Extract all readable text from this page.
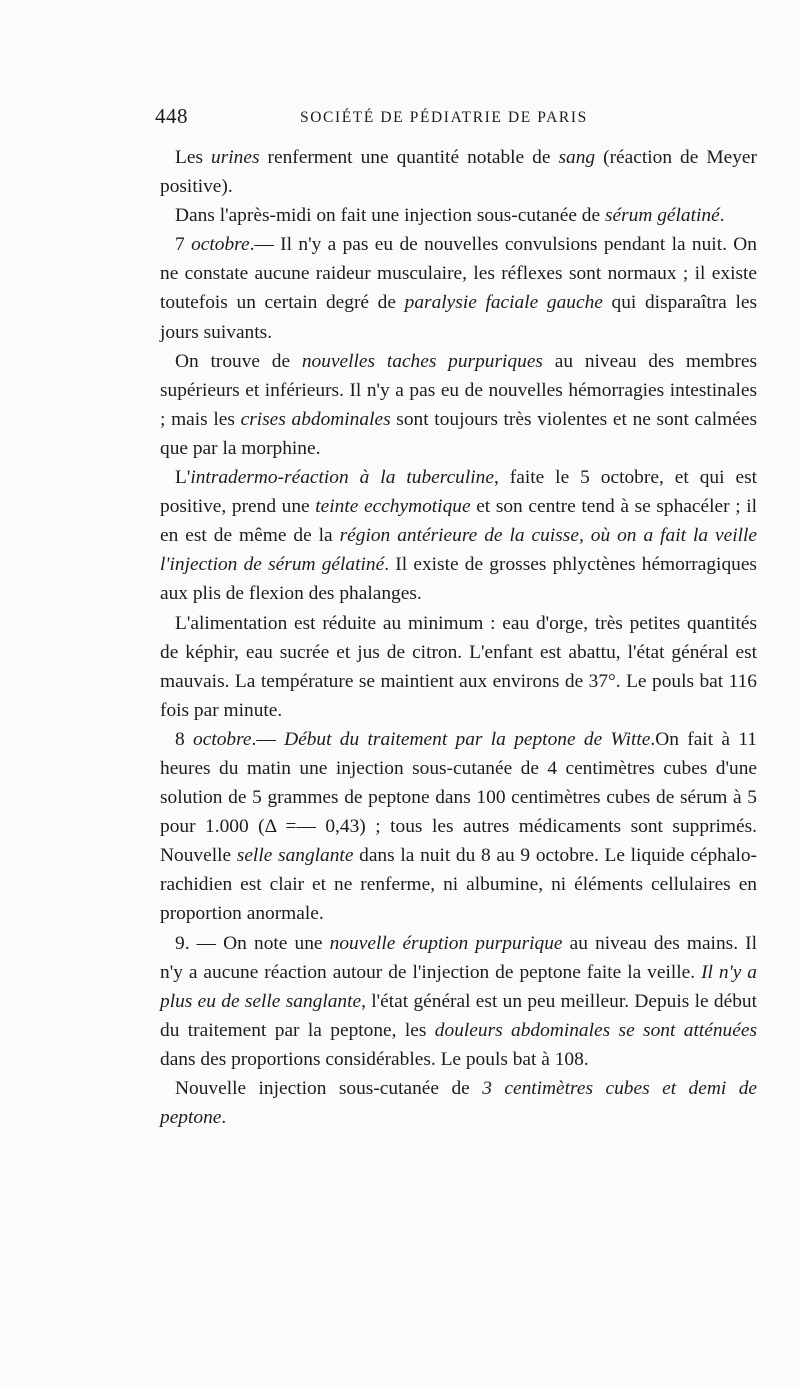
448	SOCIÉTÉ DE PÉDIATRIE DE PARIS

Les urines renferment une quantité notable de sang (réaction de Meyer positive).

Dans l'après-midi on fait une injection sous-cutanée de sérum gélatiné.

7 octobre.— Il n'y a pas eu de nouvelles convulsions pendant la nuit. On ne constate aucune raideur musculaire, les réflexes sont normaux ; il existe toutefois un certain degré de paralysie faciale gauche qui disparaîtra les jours suivants.

On trouve de nouvelles taches purpuriques au niveau des membres supérieurs et inférieurs. Il n'y a pas eu de nouvelles hémorragies intestinales ; mais les crises abdominales sont toujours très violentes et ne sont calmées que par la morphine.

L'intradermo-réaction à la tuberculine, faite le 5 octobre, et qui est positive, prend une teinte ecchymotique et son centre tend à se sphacéler ; il en est de même de la région antérieure de la cuisse, où on a fait la veille l'injection de sérum gélatiné. Il existe de grosses phlyctènes hémorragiques aux plis de flexion des phalanges.

L'alimentation est réduite au minimum : eau d'orge, très petites quantités de képhir, eau sucrée et jus de citron. L'enfant est abattu, l'état général est mauvais. La température se maintient aux environs de 37°. Le pouls bat 116 fois par minute.

8 octobre.— Début du traitement par la peptone de Witte.On fait à 11 heures du matin une injection sous-cutanée de 4 centimètres cubes d'une solution de 5 grammes de peptone dans 100 centimètres cubes de sérum à 5 pour 1.000 (Δ =— 0,43) ; tous les autres médicaments sont supprimés. Nouvelle selle sanglante dans la nuit du 8 au 9 octobre. Le liquide céphalo-rachidien est clair et ne renferme, ni albumine, ni éléments cellulaires en proportion anormale.

9. — On note une nouvelle éruption purpurique au niveau des mains. Il n'y a aucune réaction autour de l'injection de peptone faite la veille. Il n'y a plus eu de selle sanglante, l'état général est un peu meilleur. Depuis le début du traitement par la peptone, les douleurs abdominales se sont atténuées dans des proportions considérables. Le pouls bat à 108.

Nouvelle injection sous-cutanée de 3 centimètres cubes et demi de peptone.
